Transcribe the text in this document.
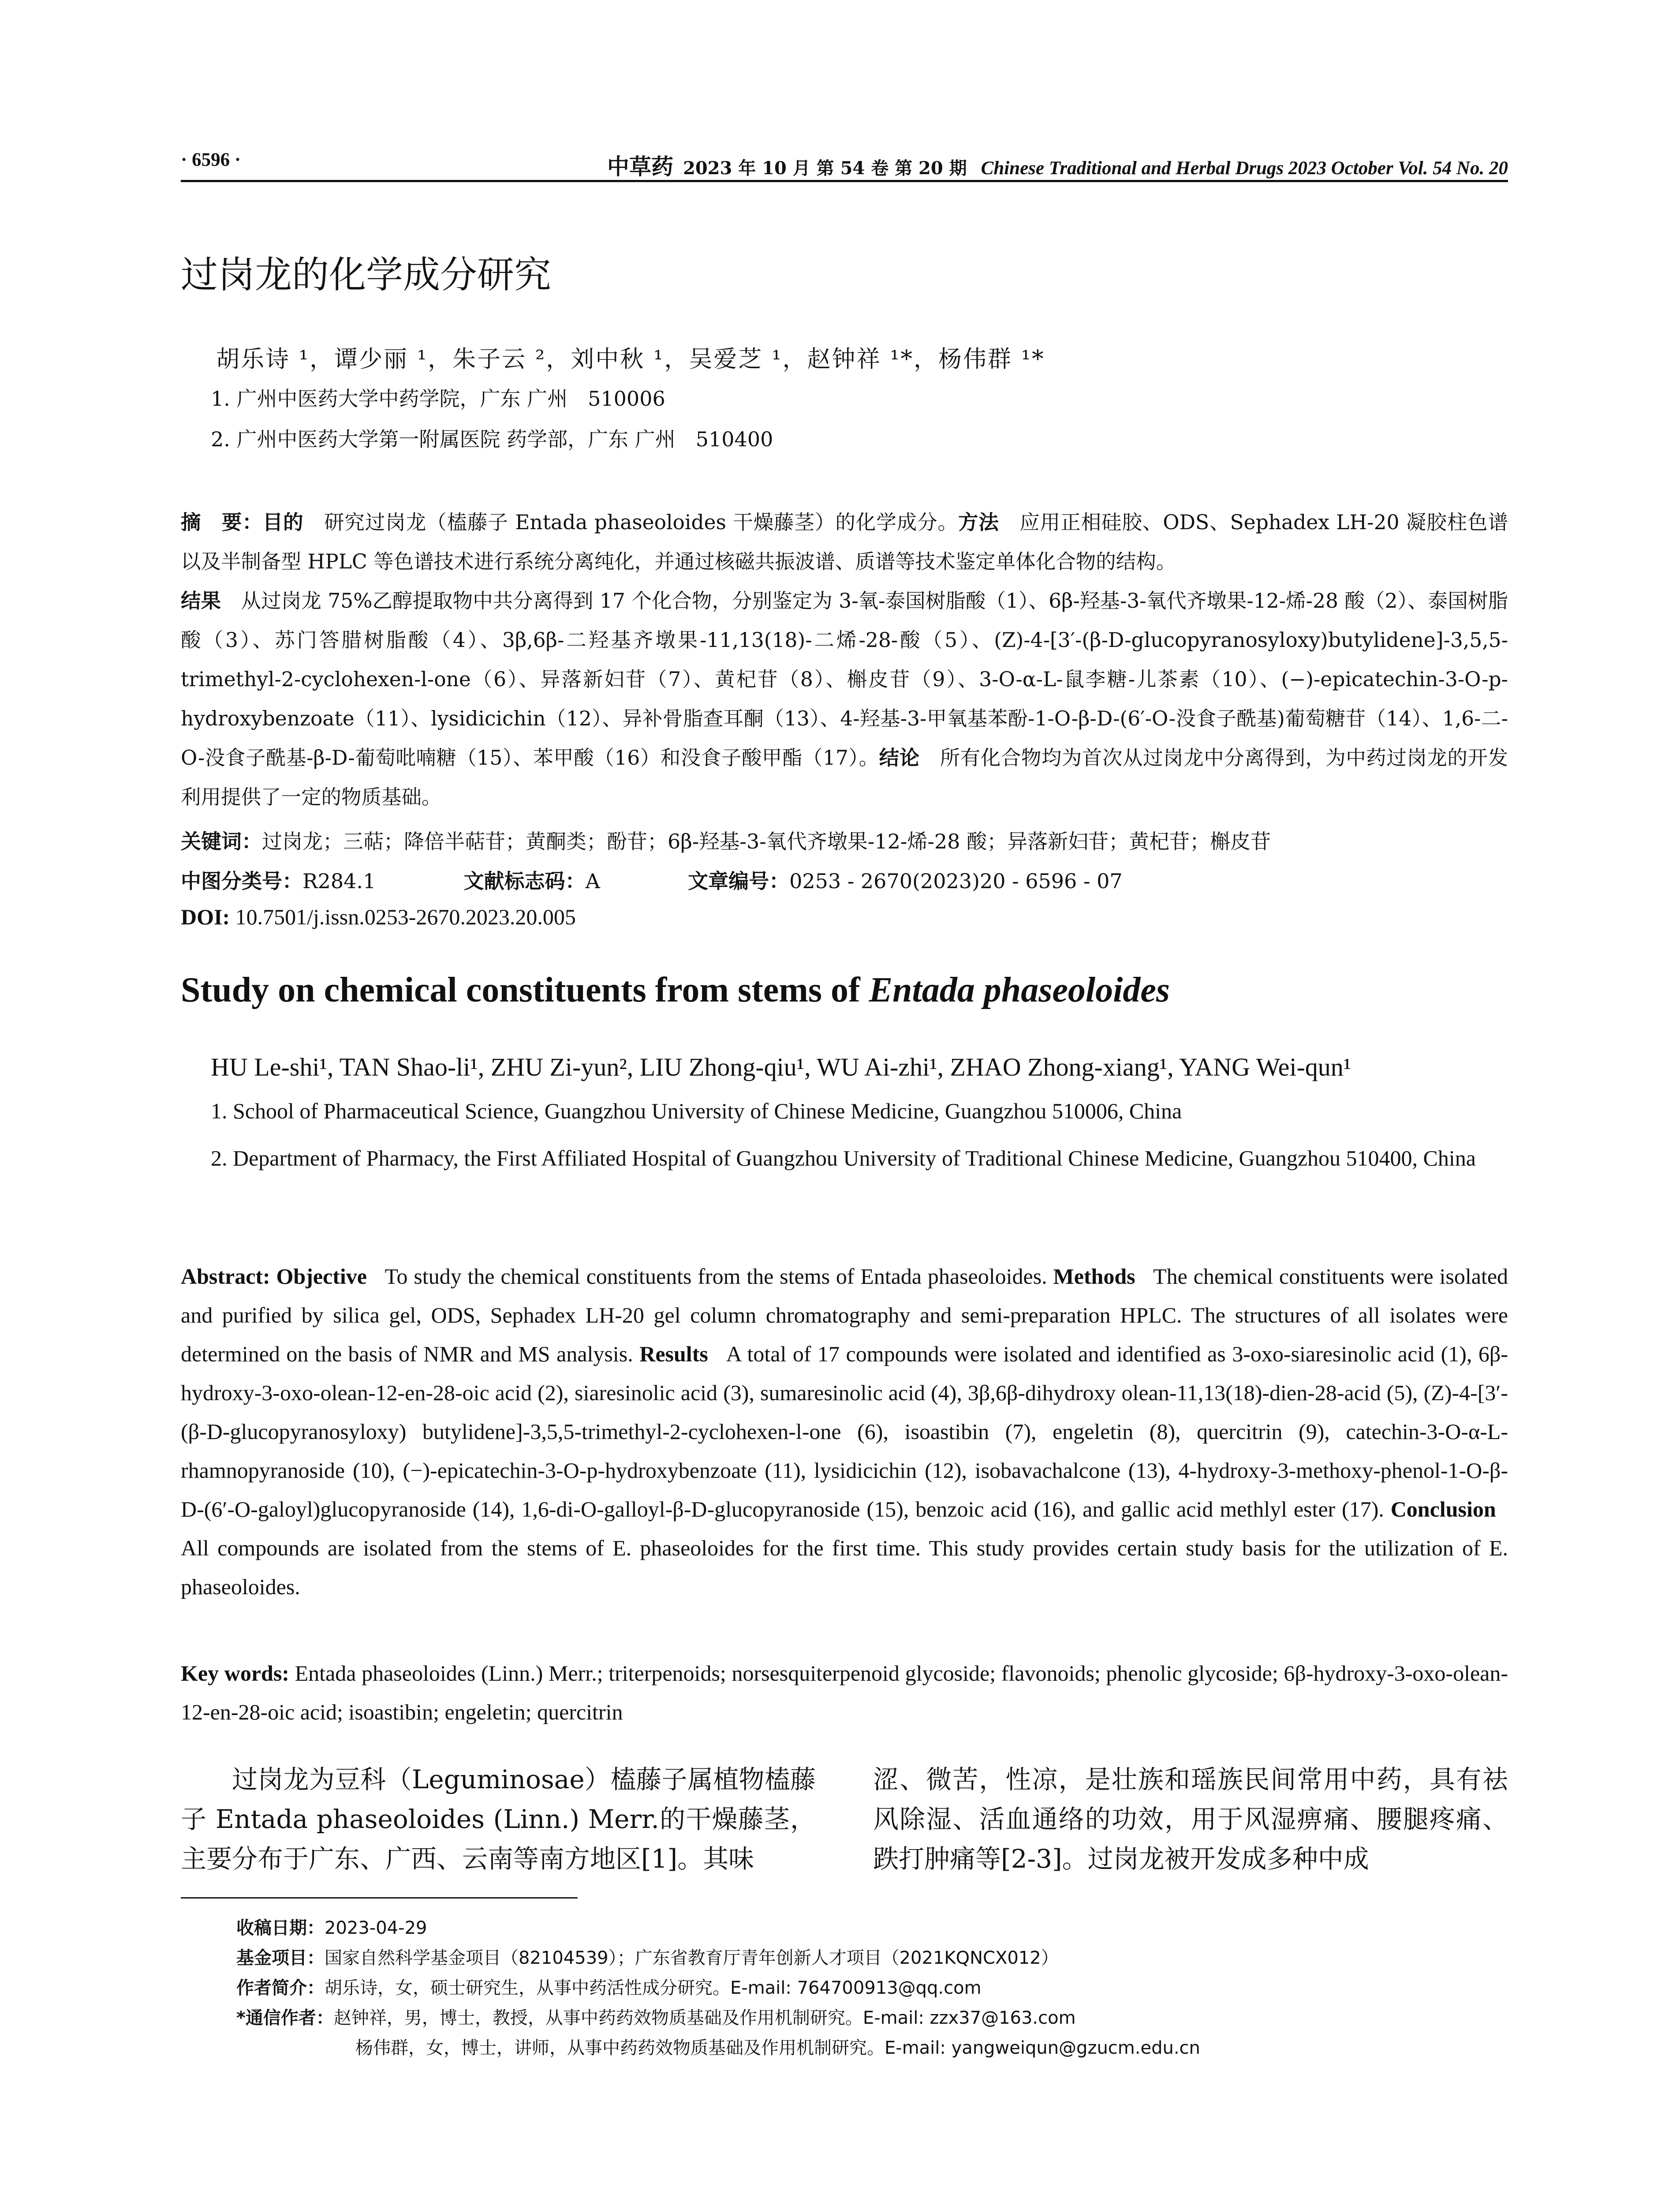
· 6596 ·	中草药 2023 年 10 月 第 54 卷 第 20 期 Chinese Traditional and Herbal Drugs 2023 October Vol. 54 No. 20
过岗龙的化学成分研究
胡乐诗 ¹，谭少丽 ¹，朱子云 ²，刘中秋 ¹，吴爱芝 ¹，赵钟祥 ¹*，杨伟群 ¹*
1. 广州中医药大学中药学院，广东 广州　510006
2. 广州中医药大学第一附属医院 药学部，广东 广州　510400
摘　要：目的　 研究过岗龙（榼藤子 Entada phaseoloides 干燥藤茎）的化学成分。方法　 应用正相硅胶、ODS、Sephadex LH-20 凝胶柱色谱以及半制备型 HPLC 等色谱技术进行系统分离纯化，并通过核磁共振波谱、质谱等技术鉴定单体化合物的结构。
结果　 从过岗龙 75%乙醇提取物中共分离得到 17 个化合物，分别鉴定为 3-氧-泰国树脂酸（1）、6β-羟基-3-氧代齐墩果-12-烯-28 酸（2）、泰国树脂酸（3）、苏门答腊树脂酸（4）、3β,6β-二羟基齐墩果-11,13(18)-二烯-28-酸（5）、(Z)-4-[3′-(β-D-glucopyranosyloxy)butylidene]-3,5,5-trimethyl-2-cyclohexen-l-one（6）、异落新妇苷（7）、黄杞苷（8）、槲皮苷（9）、3-O-α-L-鼠李糖-儿茶素（10）、(−)-epicatechin-3-O-p-hydroxybenzoate（11）、lysidicichin（12）、异补骨脂查耳酮（13）、4-羟基-3-甲氧基苯酚-1-O-β-D-(6′-O-没食子酰基)葡萄糖苷（14）、1,6-二-O-没食子酰基-β-D-葡萄吡喃糖（15）、苯甲酸（16）和没食子酸甲酯（17）。结论　 所有化合物均为首次从过岗龙中分离得到，为中药过岗龙的开发利用提供了一定的物质基础。
关键词：过岗龙；三萜；降倍半萜苷；黄酮类；酚苷；6β-羟基-3-氧代齐墩果-12-烯-28 酸；异落新妇苷；黄杞苷；槲皮苷
中图分类号：R284.1	文献标志码：A	文章编号：0253 - 2670(2023)20 - 6596 - 07
DOI: 10.7501/j.issn.0253-2670.2023.20.005
Study on chemical constituents from stems of Entada phaseoloides
HU Le-shi¹, TAN Shao-li¹, ZHU Zi-yun², LIU Zhong-qiu¹, WU Ai-zhi¹, ZHAO Zhong-xiang¹, YANG Wei-qun¹
1. School of Pharmaceutical Science, Guangzhou University of Chinese Medicine, Guangzhou 510006, China
2. Department of Pharmacy, the First Affiliated Hospital of Guangzhou University of Traditional Chinese Medicine, Guangzhou 510400, China
Abstract: Objective To study the chemical constituents from the stems of Entada phaseoloides. Methods The chemical constituents were isolated and purified by silica gel, ODS, Sephadex LH-20 gel column chromatography and semi-preparation HPLC. The structures of all isolates were determined on the basis of NMR and MS analysis. Results A total of 17 compounds were isolated and identified as 3-oxo-siaresinolic acid (1), 6β-hydroxy-3-oxo-olean-12-en-28-oic acid (2), siaresinolic acid (3), sumaresinolic acid (4), 3β,6β-dihydroxy olean-11,13(18)-dien-28-acid (5), (Z)-4-[3′-(β-D-glucopyranosyloxy) butylidene]-3,5,5-trimethyl-2-cyclohexen-l-one (6), isoastibin (7), engeletin (8), quercitrin (9), catechin-3-O-α-L-rhamnopyranoside (10), (−)-epicatechin-3-O-p-hydroxybenzoate (11), lysidicichin (12), isobavachalcone (13), 4-hydroxy-3-methoxy-phenol-1-O-β-D-(6′-O-galoyl)glucopyranoside (14), 1,6-di-O-galloyl-β-D-glucopyranoside (15), benzoic acid (16), and gallic acid methlyl ester (17). Conclusion   All compounds are isolated from the stems of E. phaseoloides for the first time. This study provides certain study basis for the utilization of E. phaseoloides.
Key words: Entada phaseoloides (Linn.) Merr.; triterpenoids; norsesquiterpenoid glycoside; flavonoids; phenolic glycoside; 6β-hydroxy-3-oxo-olean-12-en-28-oic acid; isoastibin; engeletin; quercitrin
过岗龙为豆科（Leguminosae）榼藤子属植物榼藤子 Entada phaseoloides (Linn.) Merr.的干燥藤茎，主要分布于广东、广西、云南等南方地区[1]。其味
涩、微苦，性凉，是壮族和瑶族民间常用中药，具有祛风除湿、活血通络的功效，用于风湿痹痛、腰腿疼痛、跌打肿痛等[2-3]。过岗龙被开发成多种中成
收稿日期：2023-04-29
基金项目：国家自然科学基金项目（82104539）；广东省教育厅青年创新人才项目（2021KQNCX012）
作者简介：胡乐诗，女，硕士研究生，从事中药活性成分研究。E-mail: 764700913@qq.com
*通信作者：赵钟祥，男，博士，教授，从事中药药效物质基础及作用机制研究。E-mail: zzx37@163.com
杨伟群，女，博士，讲师，从事中药药效物质基础及作用机制研究。E-mail: yangweiqun@gzucm.edu.cn
